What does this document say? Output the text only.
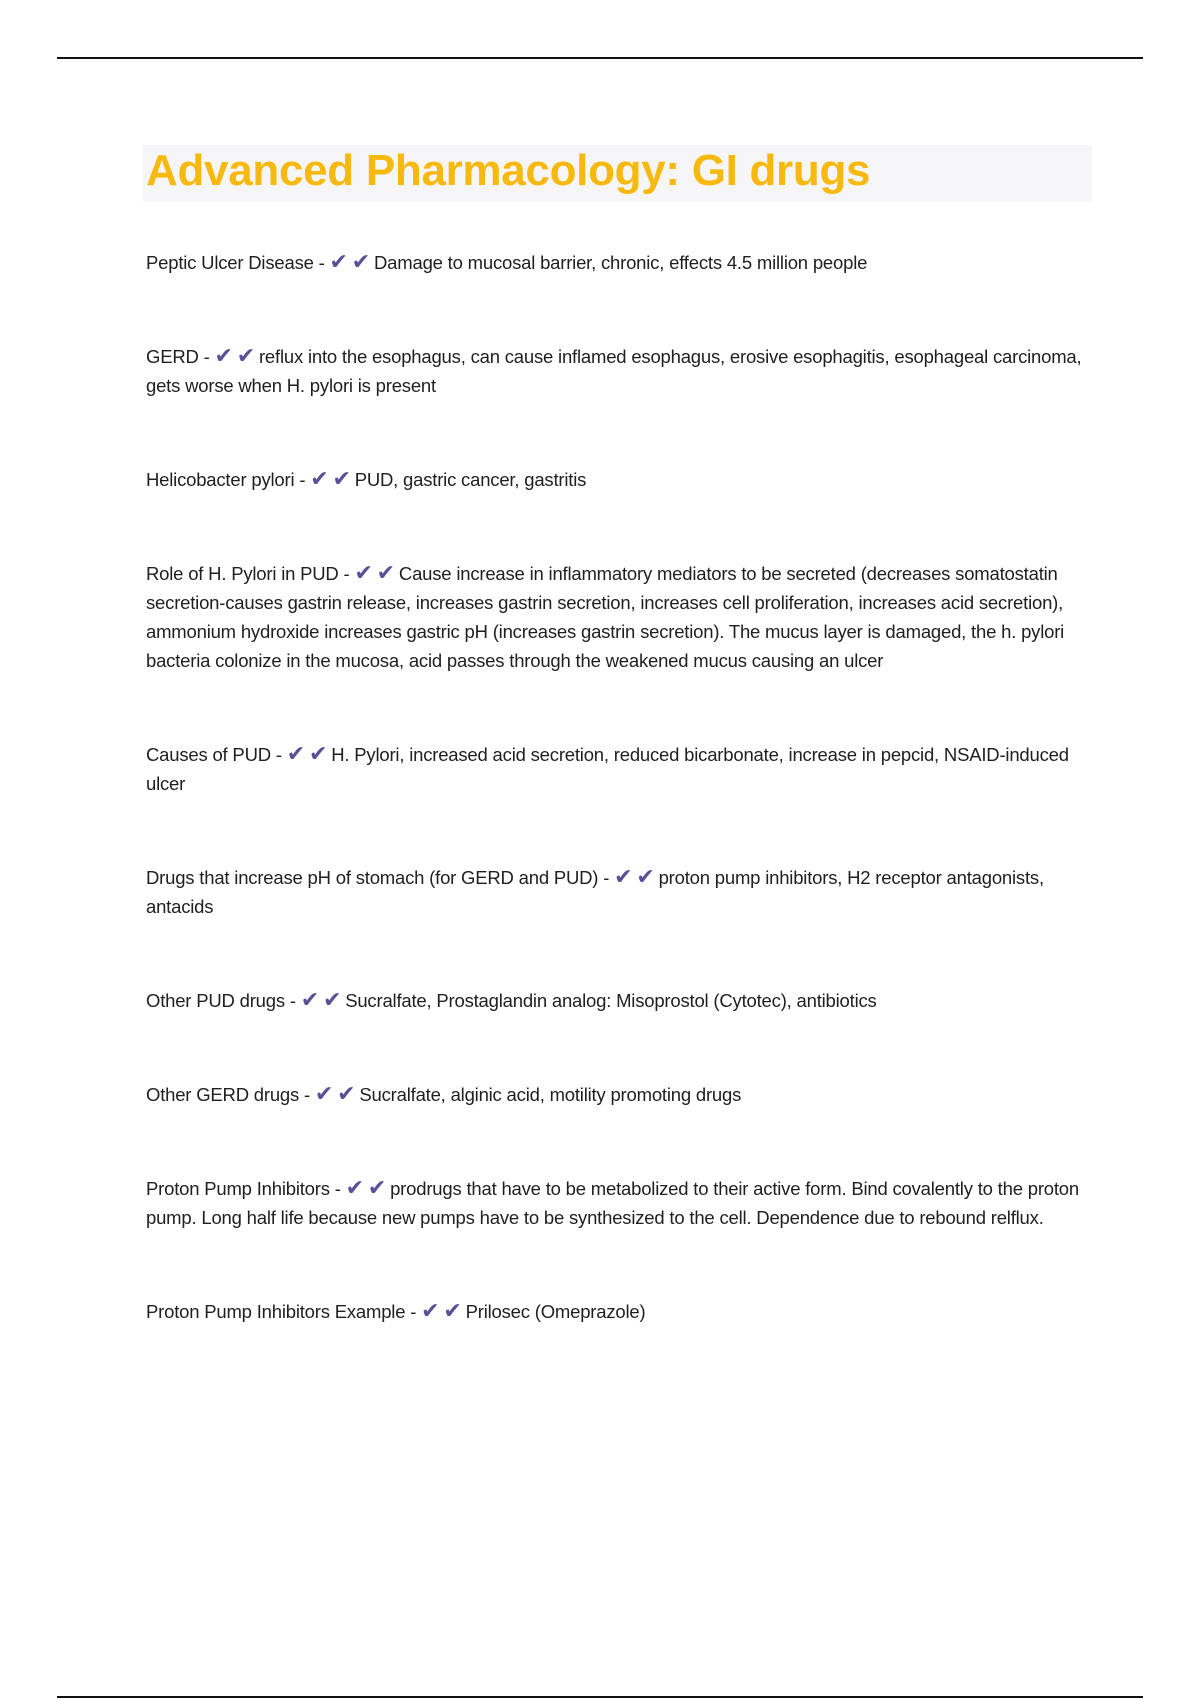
Advanced Pharmacology: GI drugs
Peptic Ulcer Disease - ✔ ✔ Damage to mucosal barrier, chronic, effects 4.5 million people
GERD - ✔ ✔ reflux into the esophagus, can cause inflamed esophagus, erosive esophagitis, esophageal carcinoma, gets worse when H. pylori is present
Helicobacter pylori - ✔ ✔ PUD, gastric cancer, gastritis
Role of H. Pylori in PUD - ✔ ✔ Cause increase in inflammatory mediators to be secreted (decreases somatostatin secretion-causes gastrin release, increases gastrin secretion, increases cell proliferation, increases acid secretion), ammonium hydroxide increases gastric pH (increases gastrin secretion). The mucus layer is damaged, the h. pylori bacteria colonize in the mucosa, acid passes through the weakened mucus causing an ulcer
Causes of PUD - ✔ ✔ H. Pylori, increased acid secretion, reduced bicarbonate, increase in pepcid, NSAID-induced ulcer
Drugs that increase pH of stomach (for GERD and PUD) - ✔ ✔ proton pump inhibitors, H2 receptor antagonists, antacids
Other PUD drugs - ✔ ✔ Sucralfate, Prostaglandin analog: Misoprostol (Cytotec), antibiotics
Other GERD drugs - ✔ ✔ Sucralfate, alginic acid, motility promoting drugs
Proton Pump Inhibitors - ✔ ✔ prodrugs that have to be metabolized to their active form. Bind covalently to the proton pump. Long half life because new pumps have to be synthesized to the cell. Dependence due to rebound relflux.
Proton Pump Inhibitors Example - ✔ ✔ Prilosec (Omeprazole)
